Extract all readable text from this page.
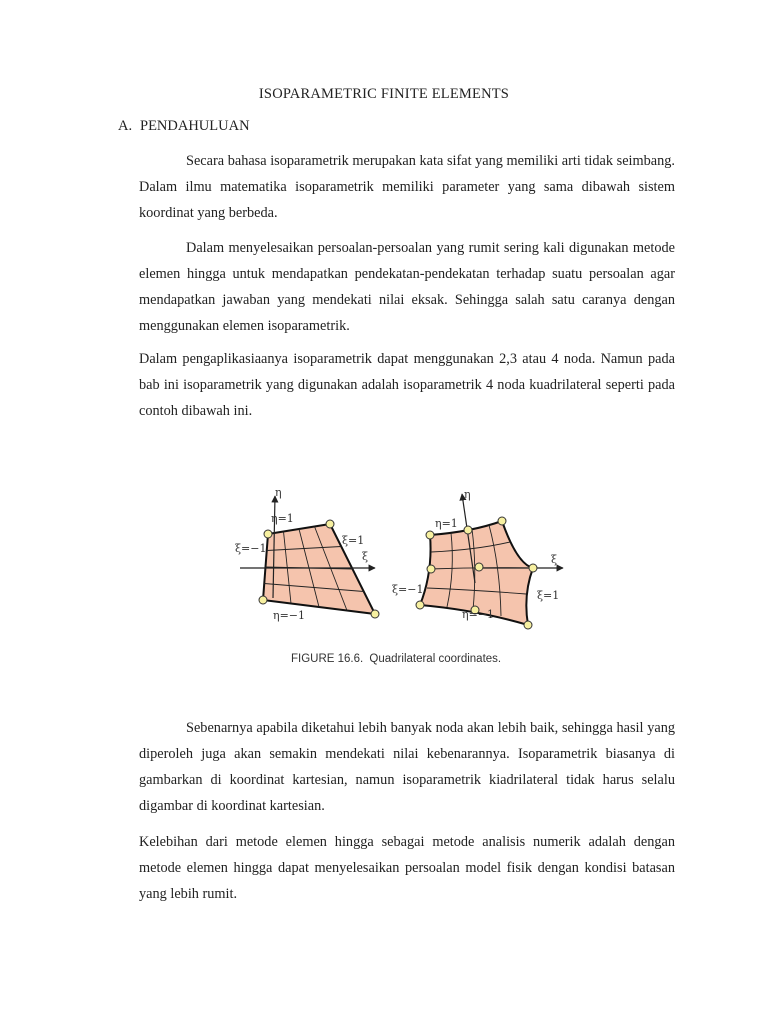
ISOPARAMETRIC FINITE ELEMENTS
A. PENDAHULUAN

Secara bahasa isoparametrik merupakan kata sifat yang memiliki arti tidak seimbang. Dalam ilmu matematika isoparametrik memiliki parameter yang sama dibawah sistem koordinat yang berbeda.

Dalam menyelesaikan persoalan-persoalan yang rumit sering kali digunakan metode elemen hingga untuk mendapatkan pendekatan-pendekatan terhadap suatu persoalan agar mendapatkan jawaban yang mendekati nilai eksak. Sehingga salah satu caranya dengan menggunakan elemen isoparametrik.

Dalam pengaplikasiaanya isoparametrik dapat menggunakan 2,3 atau 4 noda. Namun pada bab ini isoparametrik yang digunakan adalah isoparametrik 4 noda kuadrilateral seperti pada contoh dibawah ini.

η
η=1
ξ=−1
ξ=1
ξ
η=−1
η
η=1
ξ
ξ=−1	ξ=1
η=−1
FIGURE 16.6. Quadrilateral coordinates.

Sebenarnya apabila diketahui lebih banyak noda akan lebih baik, sehingga hasil yang diperoleh juga akan semakin mendekati nilai kebenarannya. Isoparametrik biasanya di gambarkan di koordinat kartesian, namun isoparametrik kiadrilateral tidak harus selalu digambar di koordinat kartesian.

Kelebihan dari metode elemen hingga sebagai metode analisis numerik adalah dengan metode elemen hingga dapat menyelesaikan persoalan model fisik dengan kondisi batasan yang lebih rumit.
